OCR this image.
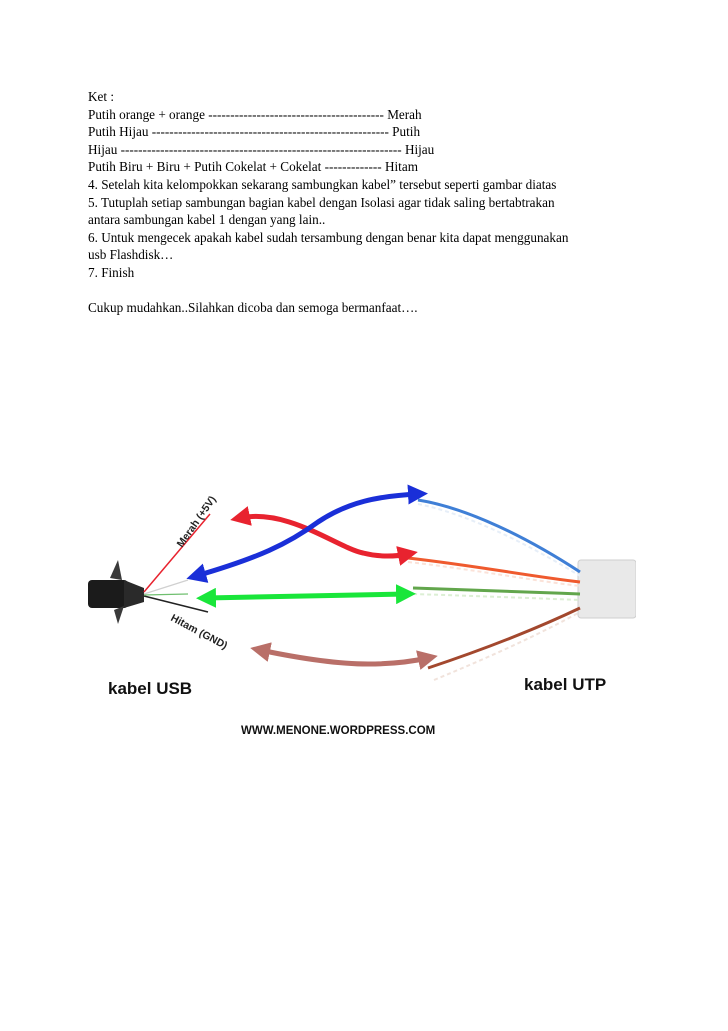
Ket :
Putih orange + orange ---------------------------------------- Merah
Putih Hijau ------------------------------------------------------ Putih
Hijau ---------------------------------------------------------------- Hijau
Putih Biru + Biru + Putih Cokelat + Cokelat ------------- Hitam
4. Setelah kita kelompokkan sekarang sambungkan kabel” tersebut seperti gambar diatas
5. Tutuplah setiap sambungan bagian kabel dengan Isolasi agar tidak saling bertabtrakan
antara sambungan kabel 1 dengan yang lain..
6. Untuk mengecek apakah kabel sudah tersambung dengan benar kita dapat menggunakan
usb Flashdisk…
7. Finish
Cukup mudahkan..Silahkan dicoba dan semoga bermanfaat….
Merah (+5V)
Hitam (GND)
kabel USB	kabel UTP
WWW.MENONE.WORDPRESS.COM
